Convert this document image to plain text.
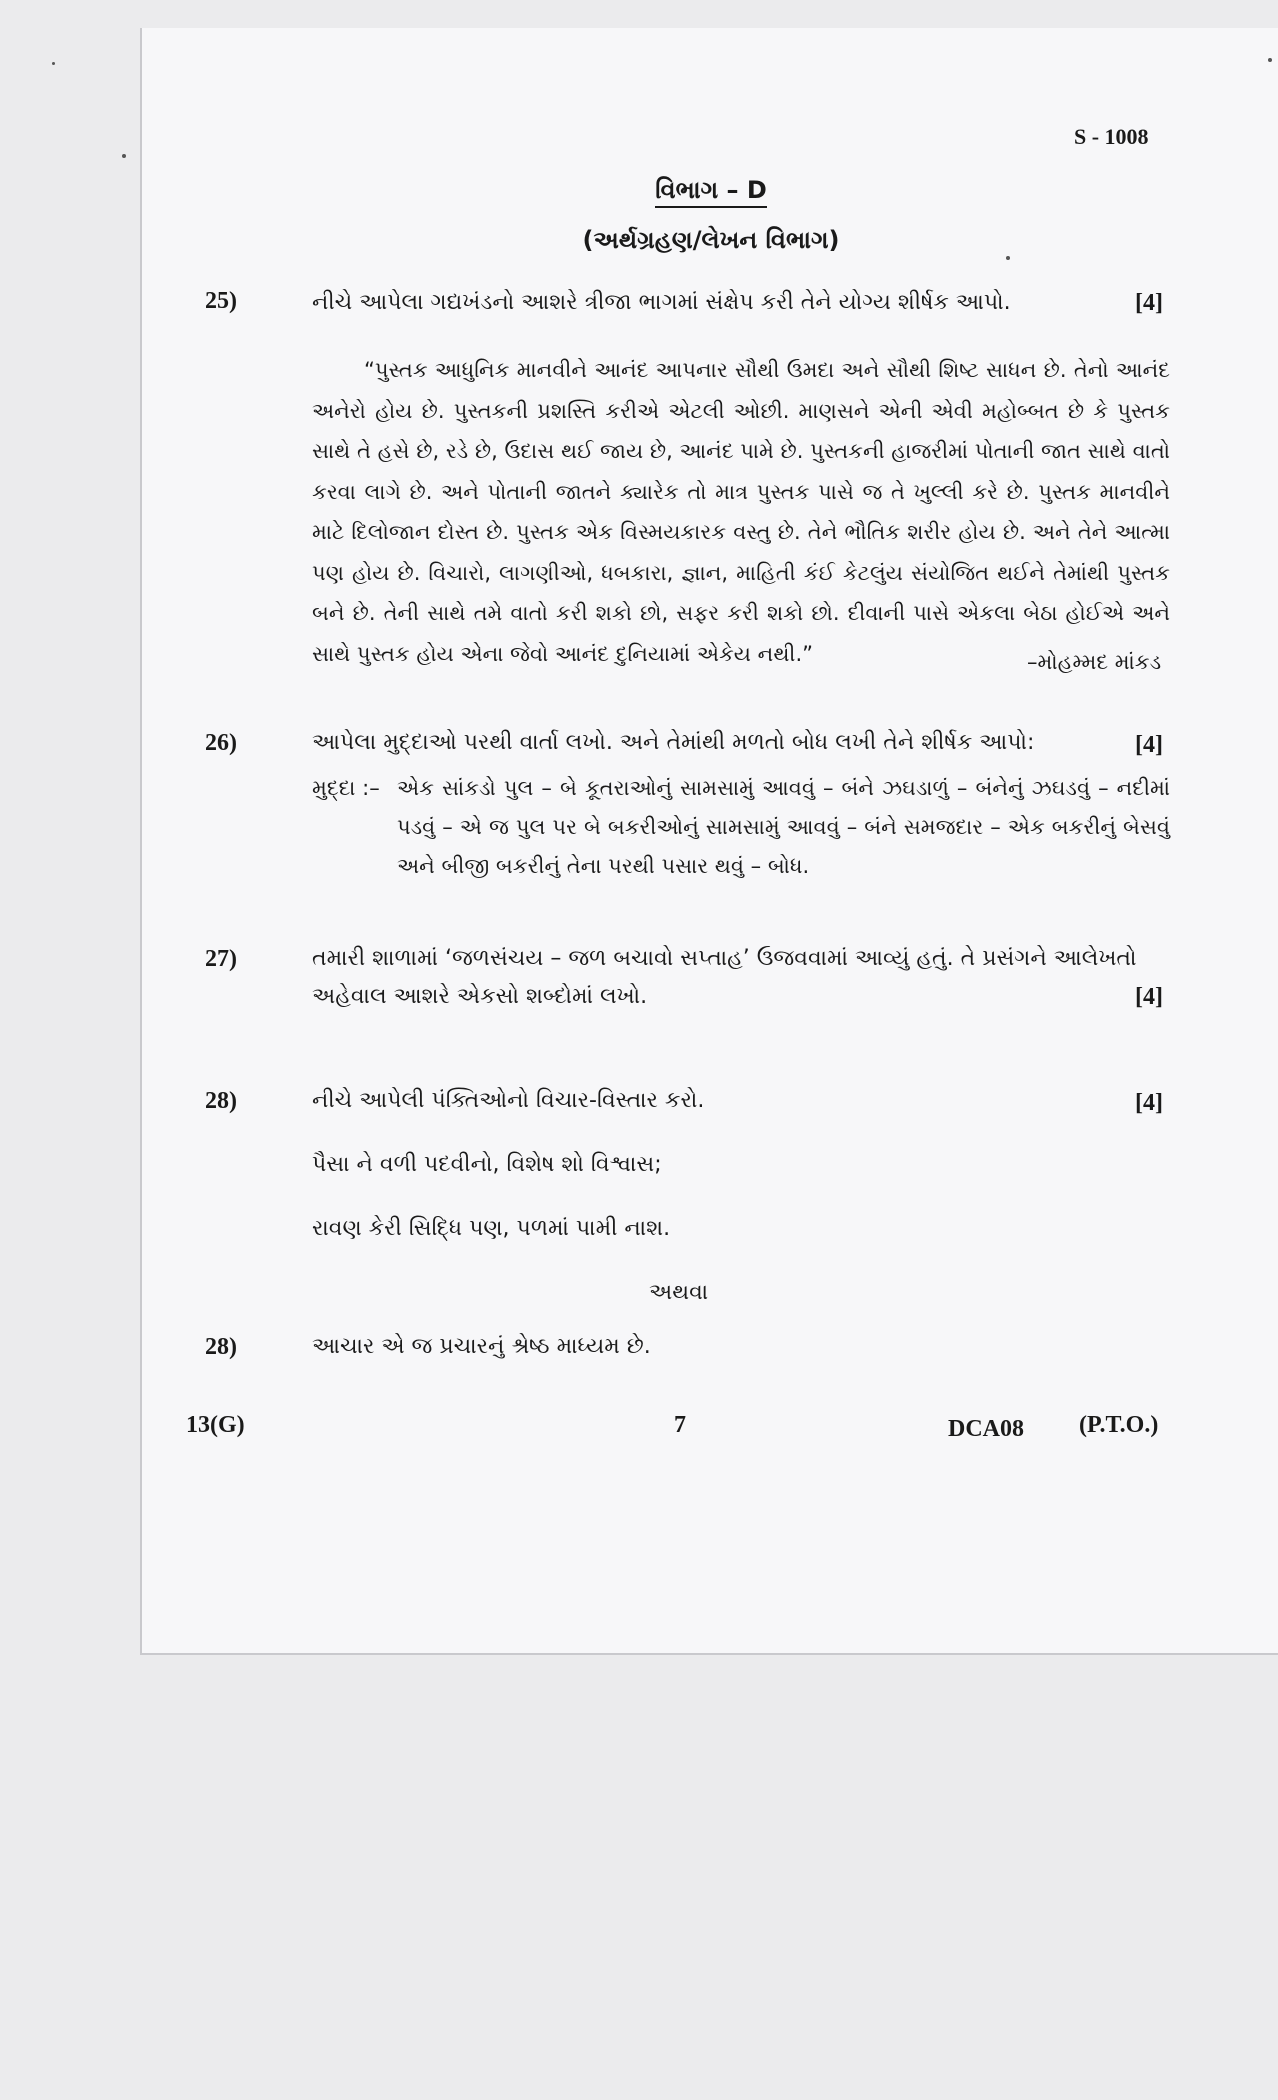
S - 1008
વિભાગ – D
(અર્થગ્રહણ/લેખન વિભાગ)
25)	નીચે આપેલા ગદ્યખંડનો આશરે ત્રીજા ભાગમાં સંક્ષેપ કરી તેને યોગ્ય શીર્ષક આપો.	[4]

“પુસ્તક આધુનિક માનવીને આનંદ આપનાર સૌથી ઉમદા અને સૌથી શિષ્ટ સાધન છે. તેનો આનંદ અનેરો હોય છે. પુસ્તકની પ્રશસ્તિ કરીએ એટલી ઓછી. માણસને એની એવી મહોબ્બત છે કે પુસ્તક સાથે તે હસે છે, રડે છે, ઉદાસ થઈ જાય છે, આનંદ પામે છે. પુસ્તકની હાજરીમાં પોતાની જાત સાથે વાતો કરવા લાગે છે. અને પોતાની જાતને ક્યારેક તો માત્ર પુસ્તક પાસે જ તે ખુલ્લી કરે છે. પુસ્તક માનવીને માટે દિલોજાન દોસ્ત છે. પુસ્તક એક વિસ્મયકારક વસ્તુ છે. તેને ભૌતિક શરીર હોય છે. અને તેને આત્મા પણ હોય છે. વિચારો, લાગણીઓ, ધબકારા, જ્ઞાન, માહિતી કંઈ કેટલુંય સંયોજિત થઈને તેમાંથી પુસ્તક બને છે. તેની સાથે તમે વાતો કરી શકો છો, સફર કરી શકો છો. દીવાની પાસે એકલા બેઠા હોઈએ અને સાથે પુસ્તક હોય એના જેવો આનંદ દુનિયામાં એકેય નથી.”	–મોહમ્મદ માંકડ
26)	આપેલા મુદ્દાઓ પરથી વાર્તા લખો. અને તેમાંથી મળતો બોધ લખી તેને શીર્ષક આપો:	[4]
મુદ્દા :– એક સાંકડો પુલ – બે કૂતરાઓનું સામસામું આવવું – બંને ઝઘડાળું – બંનેનું ઝઘડવું – નદીમાં પડવું – એ જ પુલ પર બે બકરીઓનું સામસામું આવવું – બંને સમજદાર – એક બકરીનું બેસવું અને બીજી બકરીનું તેના પરથી પસાર થવું – બોધ.
27)	તમારી શાળામાં ‘જળસંચય – જળ બચાવો સપ્તાહ’ ઉજવવામાં આવ્યું હતું. તે પ્રસંગને આલેખતો
અહેવાલ આશરે એકસો શબ્દોમાં લખો.	[4]
28)	નીચે આપેલી પંક્તિઓનો વિચાર-વિસ્તાર કરો.	[4]
પૈસા ને વળી પદવીનો, વિશેષ શો વિશ્વાસ;
રાવણ કેરી સિદ્ધિ પણ, પળમાં પામી નાશ.
અથવા
28)	આચાર એ જ પ્રચારનું શ્રેષ્ઠ માધ્યમ છે.
13(G)	7	DCA08 (P.T.O.)
